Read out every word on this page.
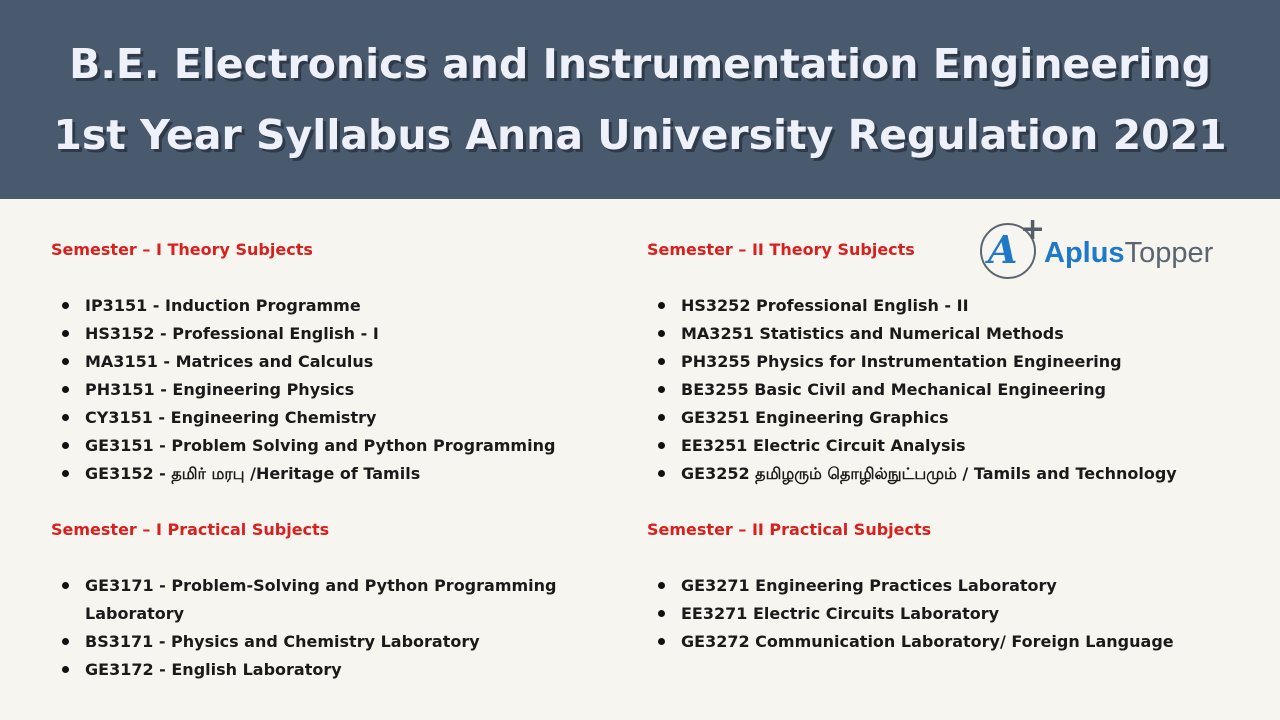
B.E. Electronics and Instrumentation Engineering
1st Year Syllabus Anna University Regulation 2021
A +
AplusTopper
Semester – I Theory Subjects
IP3151 - Induction Programme
HS3152 - Professional English - I
MA3151 - Matrices and Calculus
PH3151 - Engineering Physics
CY3151 - Engineering Chemistry
GE3151 - Problem Solving and Python Programming
GE3152 - தமிர் மரபு /Heritage of Tamils
Semester – I Practical Subjects
GE3171 - Problem-Solving and Python Programming Laboratory
BS3171 - Physics and Chemistry Laboratory
GE3172 - English Laboratory
Semester – II Theory Subjects
HS3252 Professional English - II
MA3251 Statistics and Numerical Methods
PH3255 Physics for Instrumentation Engineering
BE3255 Basic Civil and Mechanical Engineering
GE3251 Engineering Graphics
EE3251 Electric Circuit Analysis
GE3252 தமிழரும் தொழில்நுட்பமும் / Tamils and Technology
Semester – II Practical Subjects
GE3271 Engineering Practices Laboratory
EE3271 Electric Circuits Laboratory
GE3272 Communication Laboratory/ Foreign Language
